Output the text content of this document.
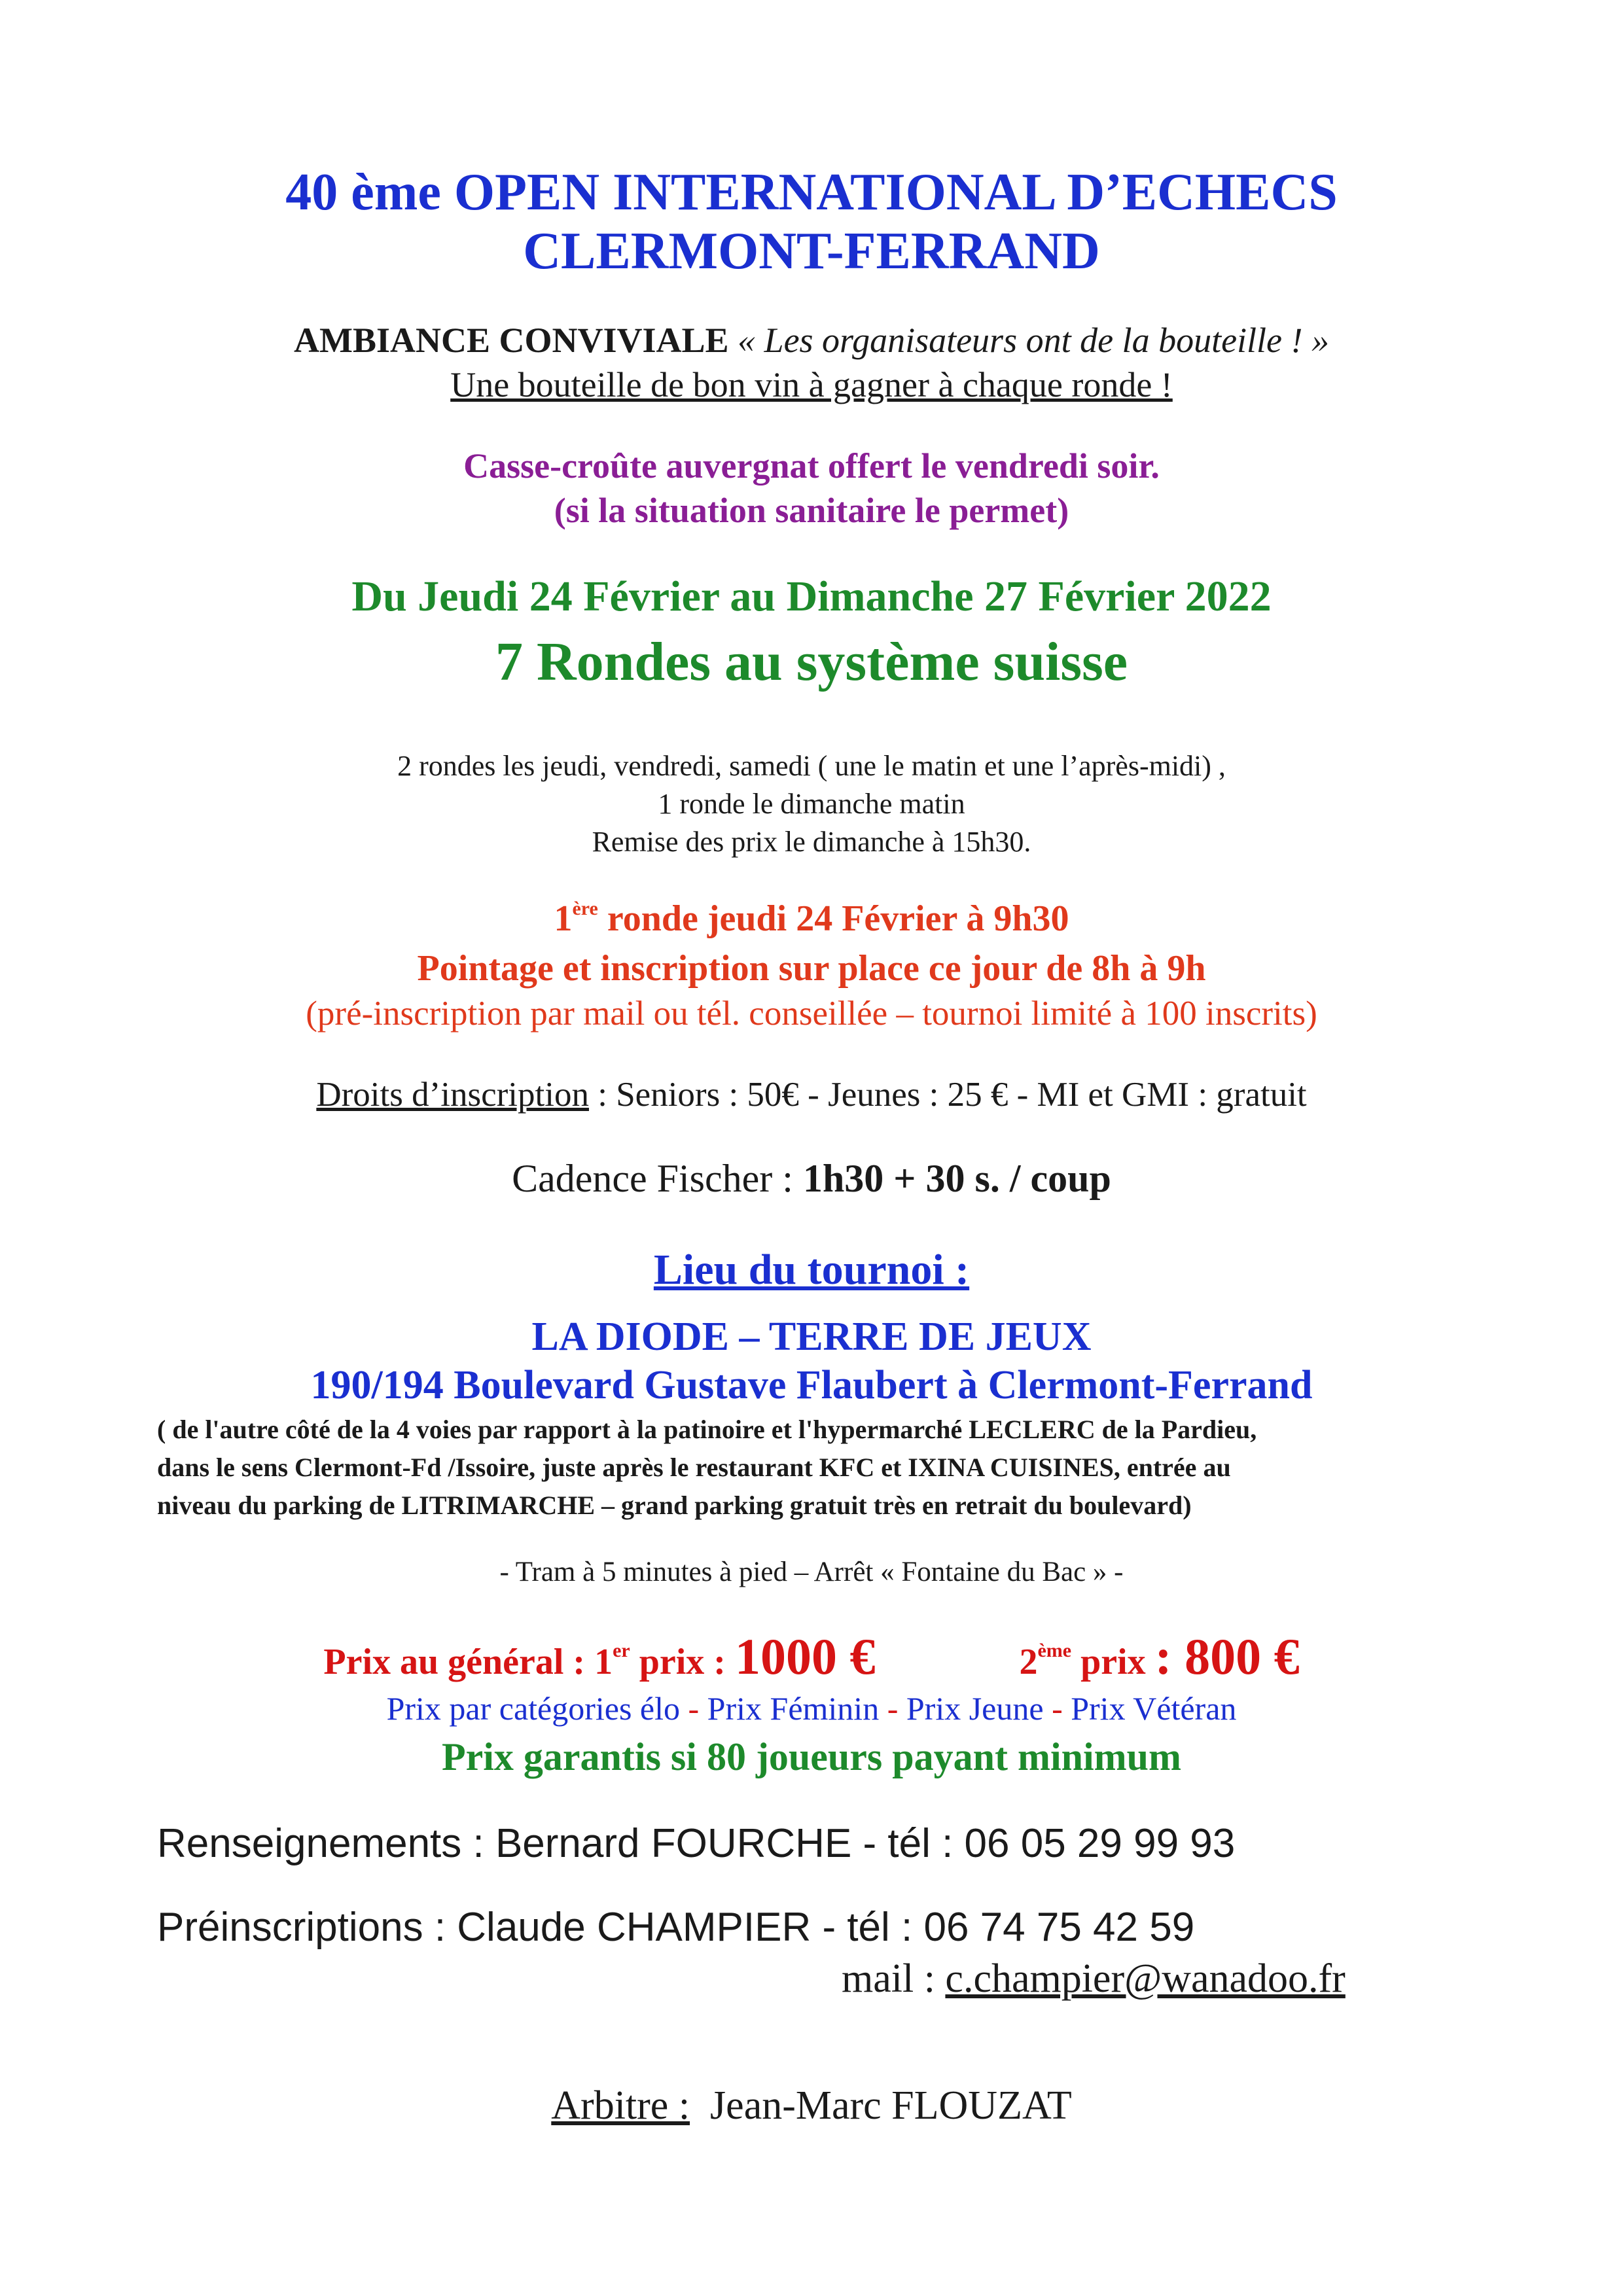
40 ème OPEN INTERNATIONAL D’ECHECS

CLERMONT-FERRAND

AMBIANCE CONVIVIALE « Les organisateurs ont de la bouteille ! »

Une bouteille de bon vin à gagner à chaque ronde !

Casse-croûte auvergnat offert le vendredi soir.

(si la situation sanitaire le permet)

Du Jeudi 24 Février au Dimanche 27 Février 2022

7 Rondes au système suisse

2 rondes les jeudi, vendredi, samedi ( une le matin et une l’après-midi) ,

1 ronde le dimanche matin

Remise des prix le dimanche à 15h30.

1ère ronde jeudi 24 Février à 9h30

Pointage et inscription sur place ce jour de 8h à 9h

(pré-inscription par mail ou tél. conseillée – tournoi limité à 100 inscrits)

Droits d’inscription : Seniors : 50€ - Jeunes : 25 € - MI et GMI : gratuit

Cadence Fischer : 1h30 + 30 s. / coup

Lieu du tournoi :

LA DIODE – TERRE DE JEUX

190/194 Boulevard Gustave Flaubert à Clermont-Ferrand

( de l'autre côté de la 4 voies par rapport à la patinoire et l'hypermarché LECLERC de la Pardieu,

dans le sens Clermont-Fd /Issoire, juste après le restaurant KFC et IXINA CUISINES, entrée au

niveau du parking de LITRIMARCHE – grand parking gratuit très en retrait du boulevard)

- Tram à 5 minutes à pied – Arrêt « Fontaine du Bac » -

Prix au général : 1er prix : 1000 €	2ème prix : 800 €

Prix par catégories élo - Prix Féminin - Prix Jeune - Prix Vétéran

Prix garantis si 80 joueurs payant minimum

Renseignements : Bernard FOURCHE - tél : 06 05 29 99 93

Préinscriptions : Claude CHAMPIER - tél : 06 74 75 42 59

mail : c.champier@wanadoo.fr

Arbitre :  Jean-Marc FLOUZAT
